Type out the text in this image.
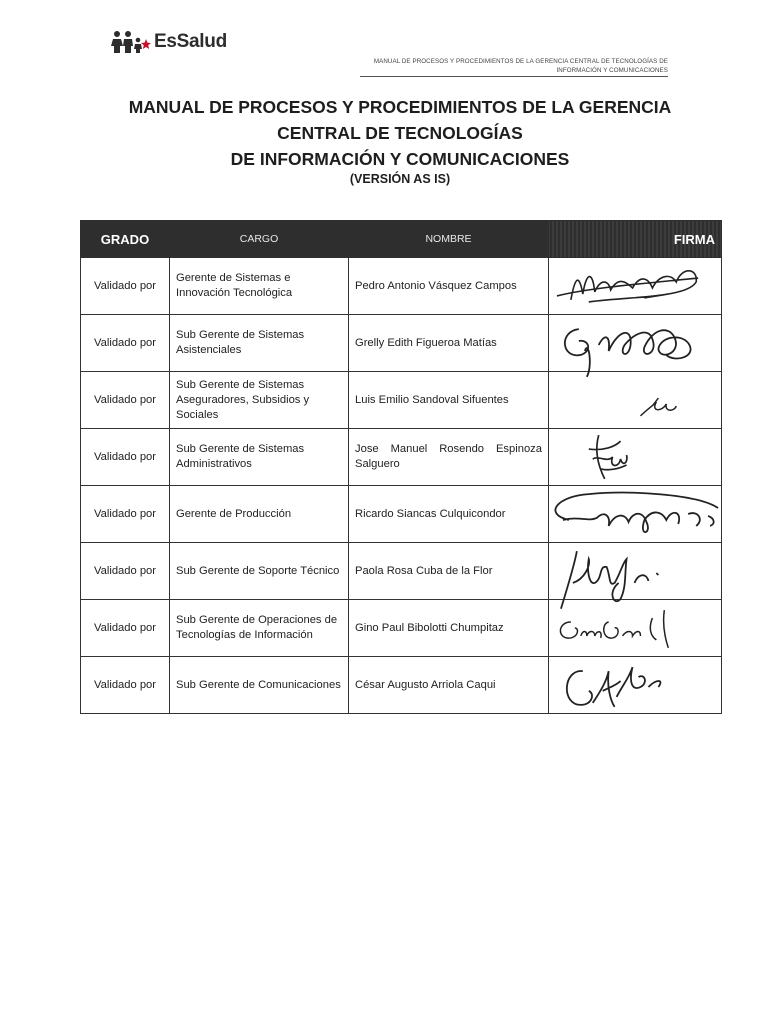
EsSalud
MANUAL DE PROCESOS Y PROCEDIMIENTOS DE LA GERENCIA CENTRAL DE TECNOLOGÍAS DE INFORMACIÓN Y COMUNICACIONES
MANUAL DE PROCESOS Y PROCEDIMIENTOS DE LA GERENCIA
CENTRAL DE TECNOLOGÍAS
DE INFORMACIÓN Y COMUNICACIONES
(VERSIÓN AS IS)
GRADO	CARGO	NOMBRE	FIRMA
Validado por	Gerente de Sistemas e Innovación Tecnológica	Pedro Antonio Vásquez Campos	

Validado por	Sub Gerente de Sistemas Asistenciales	Grelly Edith Figueroa Matías	

Validado por	Sub Gerente de Sistemas Aseguradores, Subsidios y Sociales	Luis Emilio Sandoval Sifuentes	

Validado por	Sub Gerente de Sistemas Administrativos	Jose Manuel Rosendo Espinoza Salguero

Validado por	Gerente de Producción	Ricardo Siancas Culquicondor	

Validado por	Sub Gerente de Soporte Técnico	Paola Rosa Cuba de la Flor	

Validado por	Sub Gerente de Operaciones de Tecnologías de Información	Gino Paul Bibolotti Chumpitaz	

Validado por	Sub Gerente de Comunicaciones	César Augusto Arriola Caqui	
